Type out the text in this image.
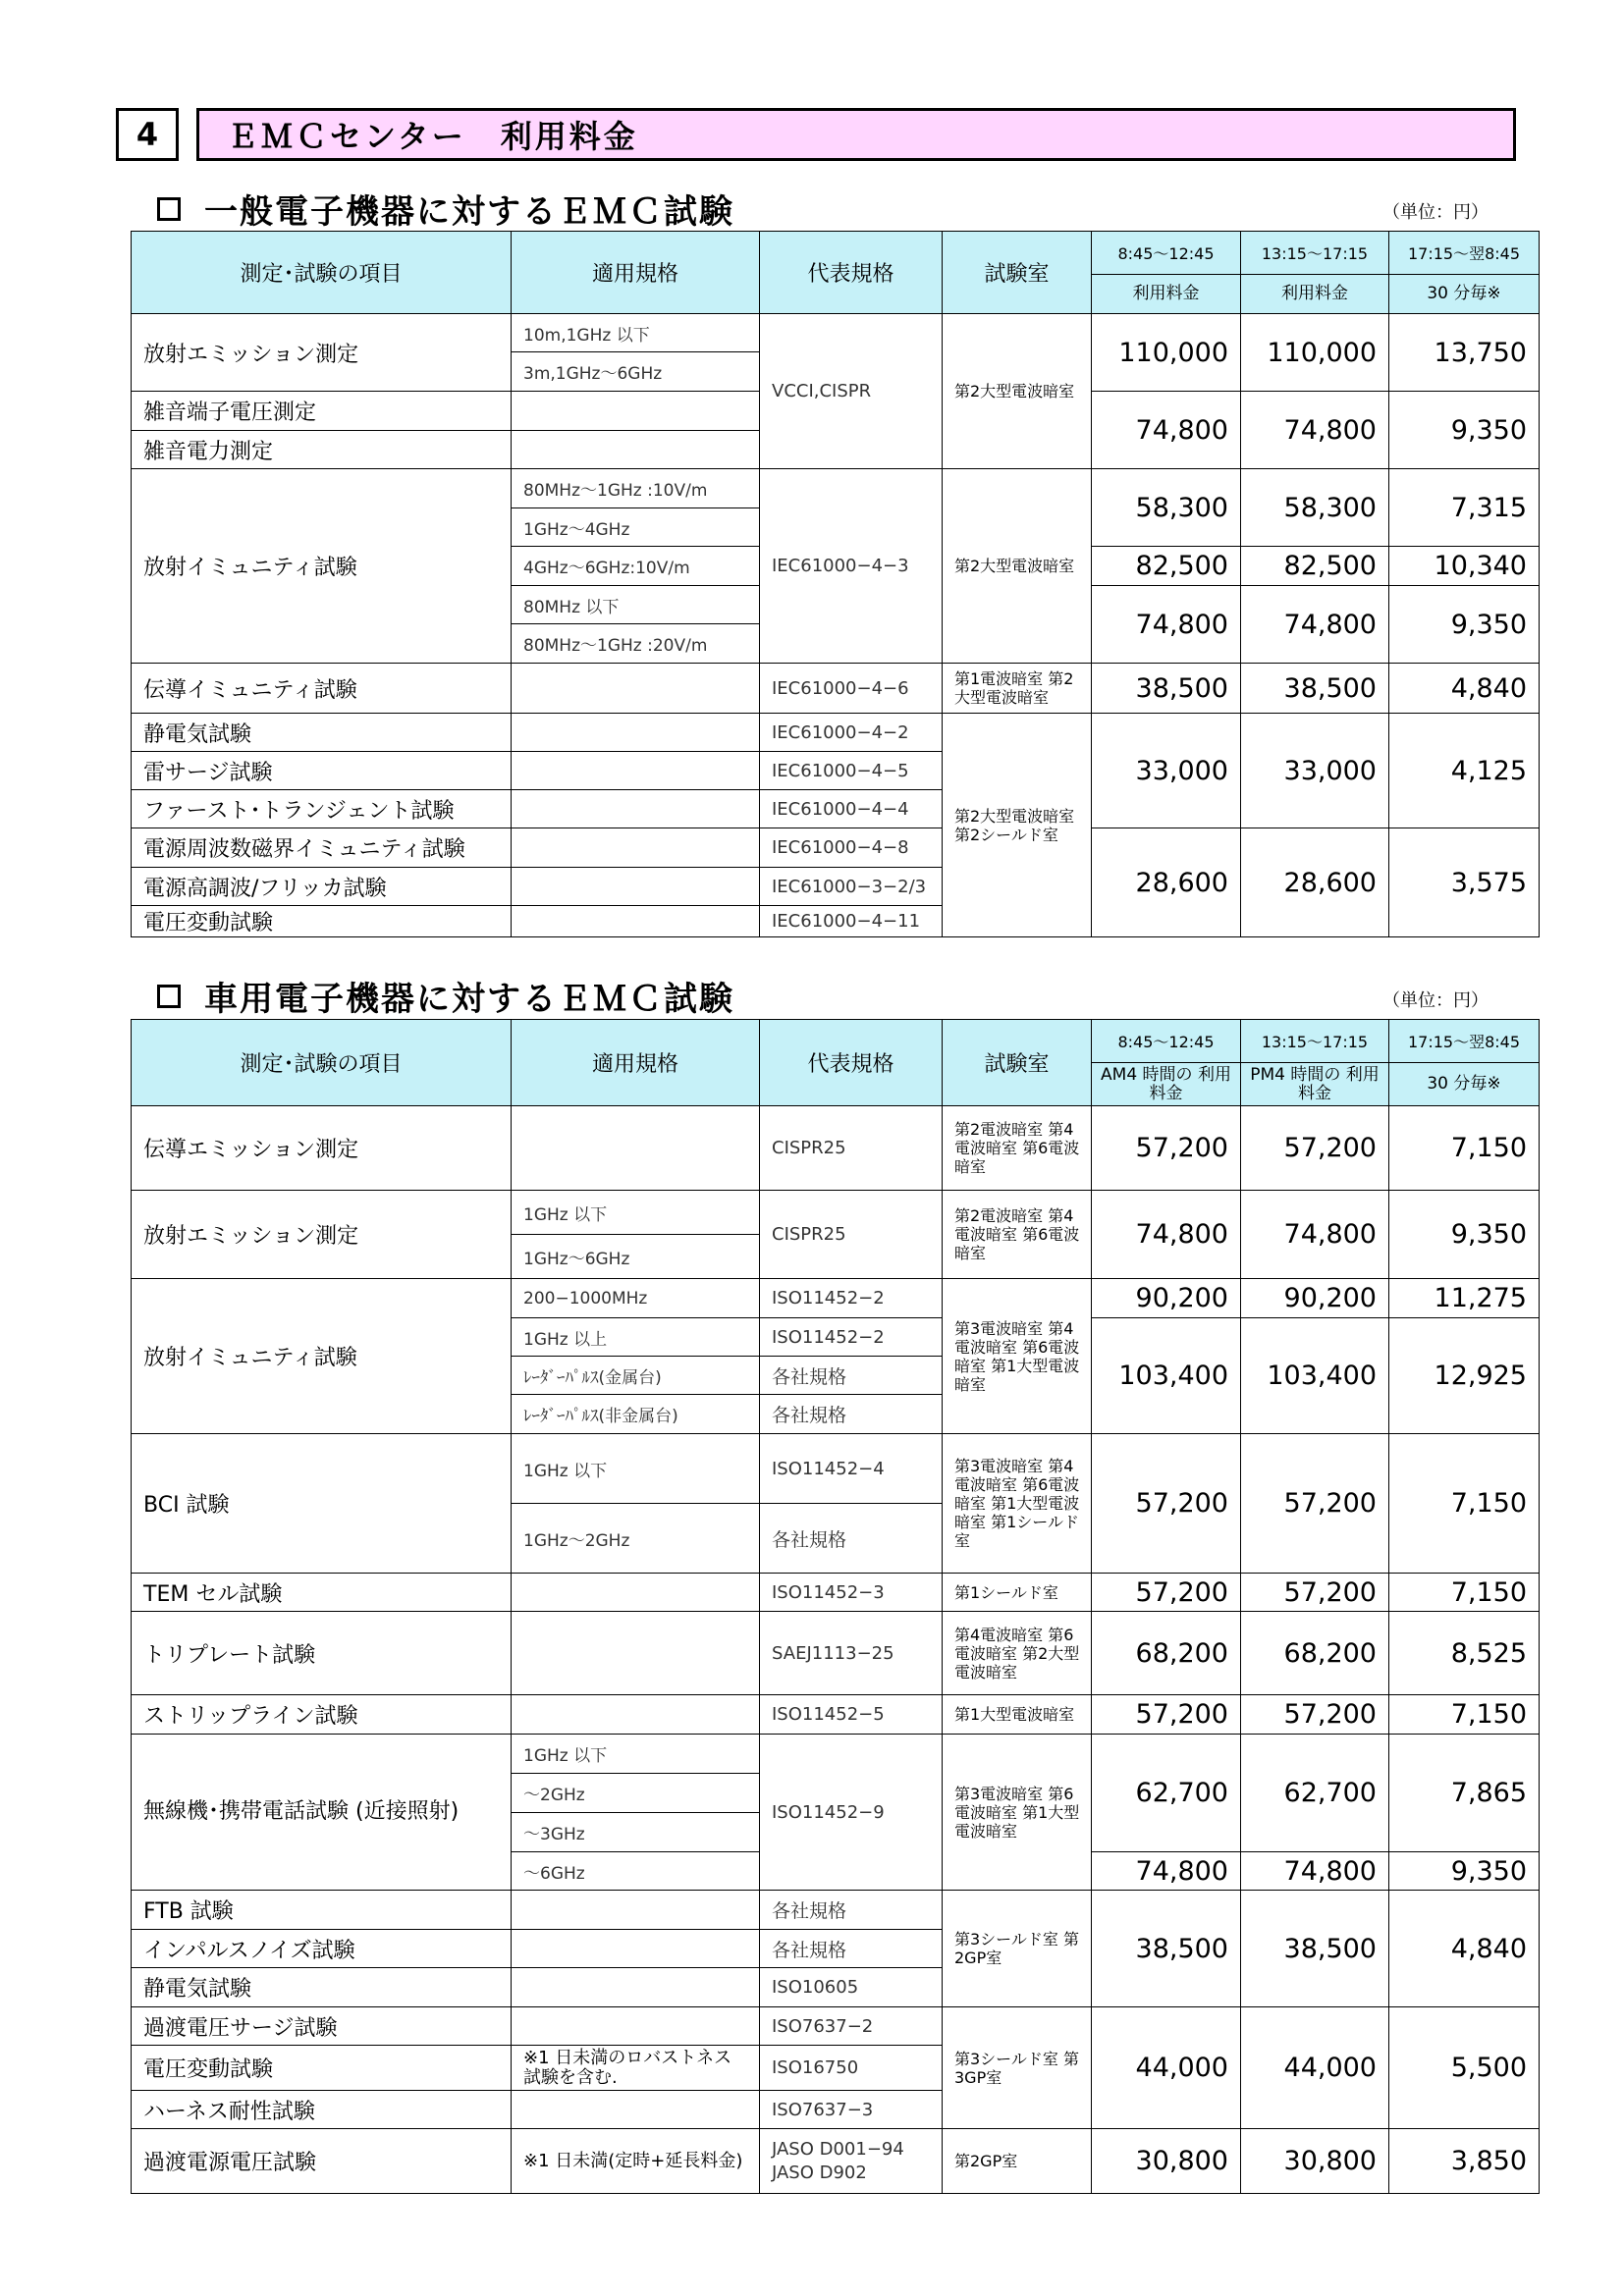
4	ＥＭＣセンター　利用料金
一般電子機器に対するＥＭＣ試験	（単位：円）
測定･試験の項目	適用規格	代表規格	試験室	8:45～12:45	13:15～17:15	17:15～翌8:45
				利用料金	利用料金	30 分毎※
放射エミッション測定	10m,1GHz 以下	VCCI,CISPR	第2大型電波暗室	110,000	110,000	13,750
	3m,1GHz～6GHz					
雑音端子電圧測定				74,800	74,800	9,350
雑音電力測定						
放射イミュニティ試験	80MHz～1GHz :10V/m	IEC61000−4−3	第2大型電波暗室	58,300	58,300	7,315
	1GHz～4GHz					
	4GHz～6GHz:10V/m			82,500	82,500	10,340
	80MHz 以下			74,800	74,800	9,350
	80MHz～1GHz :20V/m					
伝導イミュニティ試験		IEC61000−4−6	第1電波暗室 第2大型電波暗室	38,500	38,500	4,840
静電気試験		IEC61000−4−2	第2大型電波暗室 第2シールド室	33,000	33,000	4,125
雷サージ試験		IEC61000−4−5				
ファースト･トランジェント試験		IEC61000−4−4				
電源周波数磁界イミュニティ試験		IEC61000−4−8		28,600	28,600	3,575
電源高調波/フリッカ試験		IEC61000−3−2/3				
電圧変動試験		IEC61000−4−11				
車用電子機器に対するＥＭＣ試験	（単位：円）
測定･試験の項目	適用規格	代表規格	試験室	8:45～12:45	13:15～17:15	17:15～翌8:45
				AM4 時間の 利用料金	PM4 時間の 利用料金	30 分毎※
伝導エミッション測定		CISPR25	第2電波暗室 第4電波暗室 第6電波暗室	57,200	57,200	7,150
放射エミッション測定	1GHz 以下	CISPR25	第2電波暗室 第4電波暗室 第6電波暗室	74,800	74,800	9,350
	1GHz～6GHz					
放射イミュニティ試験	200−1000MHz	ISO11452−2	第3電波暗室 第4電波暗室 第6電波暗室 第1大型電波暗室	90,200	90,200	11,275
	1GHz 以上	ISO11452−2		103,400	103,400	12,925
	ﾚｰﾀﾞｰﾊﾟﾙｽ(金属台)	各社規格				
	ﾚｰﾀﾞｰﾊﾟﾙｽ(非金属台)	各社規格				
BCI 試験	1GHz 以下	ISO11452−4	第3電波暗室 第4電波暗室 第6電波暗室 第1大型電波暗室 第1シールド室	57,200	57,200	7,150
	1GHz～2GHz	各社規格				
TEM セル試験		ISO11452−3	第1シールド室	57,200	57,200	7,150
トリプレート試験		SAEJ1113−25	第4電波暗室 第6電波暗室 第2大型電波暗室	68,200	68,200	8,525
ストリップライン試験		ISO11452−5	第1大型電波暗室	57,200	57,200	7,150
無線機･携帯電話試験 (近接照射)	1GHz 以下	ISO11452−9	第3電波暗室 第6電波暗室 第1大型電波暗室	62,700	62,700	7,865
	～2GHz					
	～3GHz					
	～6GHz			74,800	74,800	9,350
FTB 試験		各社規格	第3シールド室 第2GP室	38,500	38,500	4,840
インパルスノイズ試験		各社規格				
静電気試験		ISO10605				
過渡電圧サージ試験		ISO7637−2	第3シールド室 第3GP室	44,000	44,000	5,500
電圧変動試験	※1 日未満のロバストネス 試験を含む.	ISO16750				
ハーネス耐性試験		ISO7637−3				
過渡電源電圧試験	※1 日未満(定時+延長料金)	JASO D001−94 JASO D902	第2GP室	30,800	30,800	3,850
